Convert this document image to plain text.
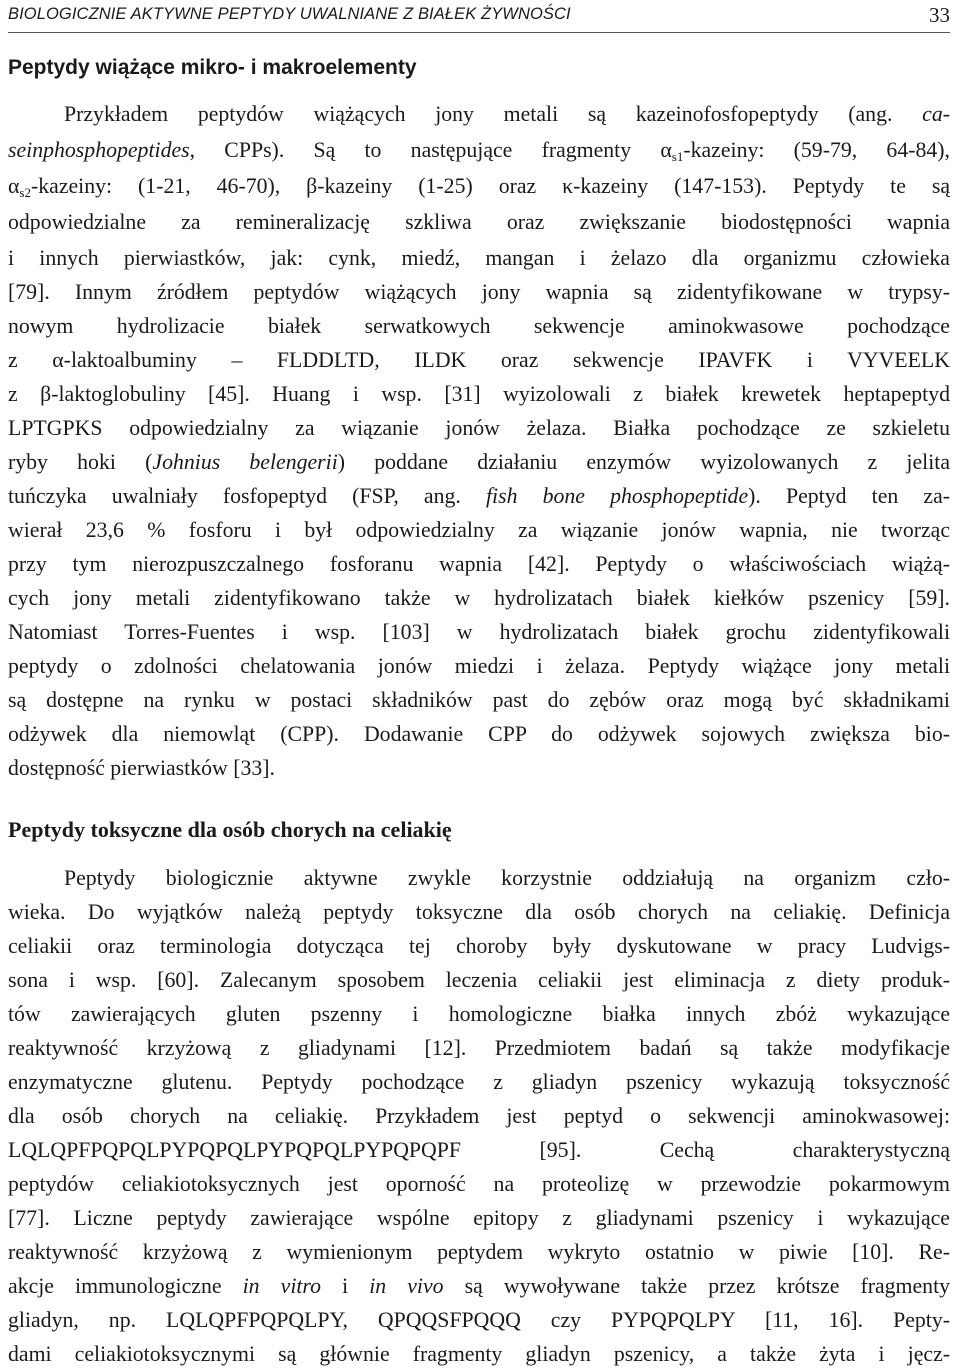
BIOLOGICZNIE AKTYWNE PEPTYDY UWALNIANE Z BIAŁEK ŻYWNOŚCI	33
Peptydy wiążące mikro- i makroelementy
Przykładem peptydów wiążących jony metali są kazeinofosfopeptydy (ang. ca-
seinphosphopeptides, CPPs). Są to następujące fragmenty $\alpha_{s1}$-kazeiny: (59-79, 64-84),
$\alpha_{s2}$-kazeiny: (1-21, 46-70), β-kazeiny (1-25) oraz κ-kazeiny (147-153). Peptydy te są
odpowiedzialne za remineralizację szkliwa oraz zwiększanie biodostępności wapnia
i innych pierwiastków, jak: cynk, miedź, mangan i żelazo dla organizmu człowieka
[79]. Innym źródłem peptydów wiążących jony wapnia są zidentyfikowane w trypsy-
nowym hydrolizacie białek serwatkowych sekwencje aminokwasowe pochodzące
z α-laktoalbuminy – FLDDLTD, ILDK oraz sekwencje IPAVFK i VYVEELK
z β-laktoglobuliny [45]. Huang i wsp. [31] wyizolowali z białek krewetek heptapeptyd
LPTGPKS odpowiedzialny za wiązanie jonów żelaza. Białka pochodzące ze szkieletu
ryby hoki (Johnius belengerii) poddane działaniu enzymów wyizolowanych z jelita
tuńczyka uwalniały fosfopeptyd (FSP, ang. fish bone phosphopeptide). Peptyd ten za-
wierał 23,6 % fosforu i był odpowiedzialny za wiązanie jonów wapnia, nie tworząc
przy tym nierozpuszczalnego fosforanu wapnia [42]. Peptydy o właściwościach wiążą-
cych jony metali zidentyfikowano także w hydrolizatach białek kiełków pszenicy [59].
Natomiast Torres-Fuentes i wsp. [103] w hydrolizatach białek grochu zidentyfikowali
peptydy o zdolności chelatowania jonów miedzi i żelaza. Peptydy wiążące jony metali
są dostępne na rynku w postaci składników past do zębów oraz mogą być składnikami
odżywek dla niemowląt (CPP). Dodawanie CPP do odżywek sojowych zwiększa bio-
dostępność pierwiastków [33].
Peptydy toksyczne dla osób chorych na celiakię
Peptydy biologicznie aktywne zwykle korzystnie oddziałują na organizm czło-
wieka. Do wyjątków należą peptydy toksyczne dla osób chorych na celiakię. Definicja
celiakii oraz terminologia dotycząca tej choroby były dyskutowane w pracy Ludvigs-
sona i wsp. [60]. Zalecanym sposobem leczenia celiakii jest eliminacja z diety produk-
tów zawierających gluten pszenny i homologiczne białka innych zbóż wykazujące
reaktywność krzyżową z gliadynami [12]. Przedmiotem badań są także modyfikacje
enzymatyczne glutenu. Peptydy pochodzące z gliadyn pszenicy wykazują toksyczność
dla osób chorych na celiakię. Przykładem jest peptyd o sekwencji aminokwasowej:
LQLQPFPQPQLPYPQPQLPYPQPQLPYPQPQPF [95]. Cechą charakterystyczną
peptydów celiakiotoksycznych jest oporność na proteolizę w przewodzie pokarmowym
[77]. Liczne peptydy zawierające wspólne epitopy z gliadynami pszenicy i wykazujące
reaktywność krzyżową z wymienionym peptydem wykryto ostatnio w piwie [10]. Re-
akcje immunologiczne in vitro i in vivo są wywoływane także przez krótsze fragmenty
gliadyn, np. LQLQPFPQPQLPY, QPQQSFPQQQ czy PYPQPQLPY [11, 16]. Pepty-
dami celiakiotoksycznymi są głównie fragmenty gliadyn pszenicy, a także żyta i jęcz-
